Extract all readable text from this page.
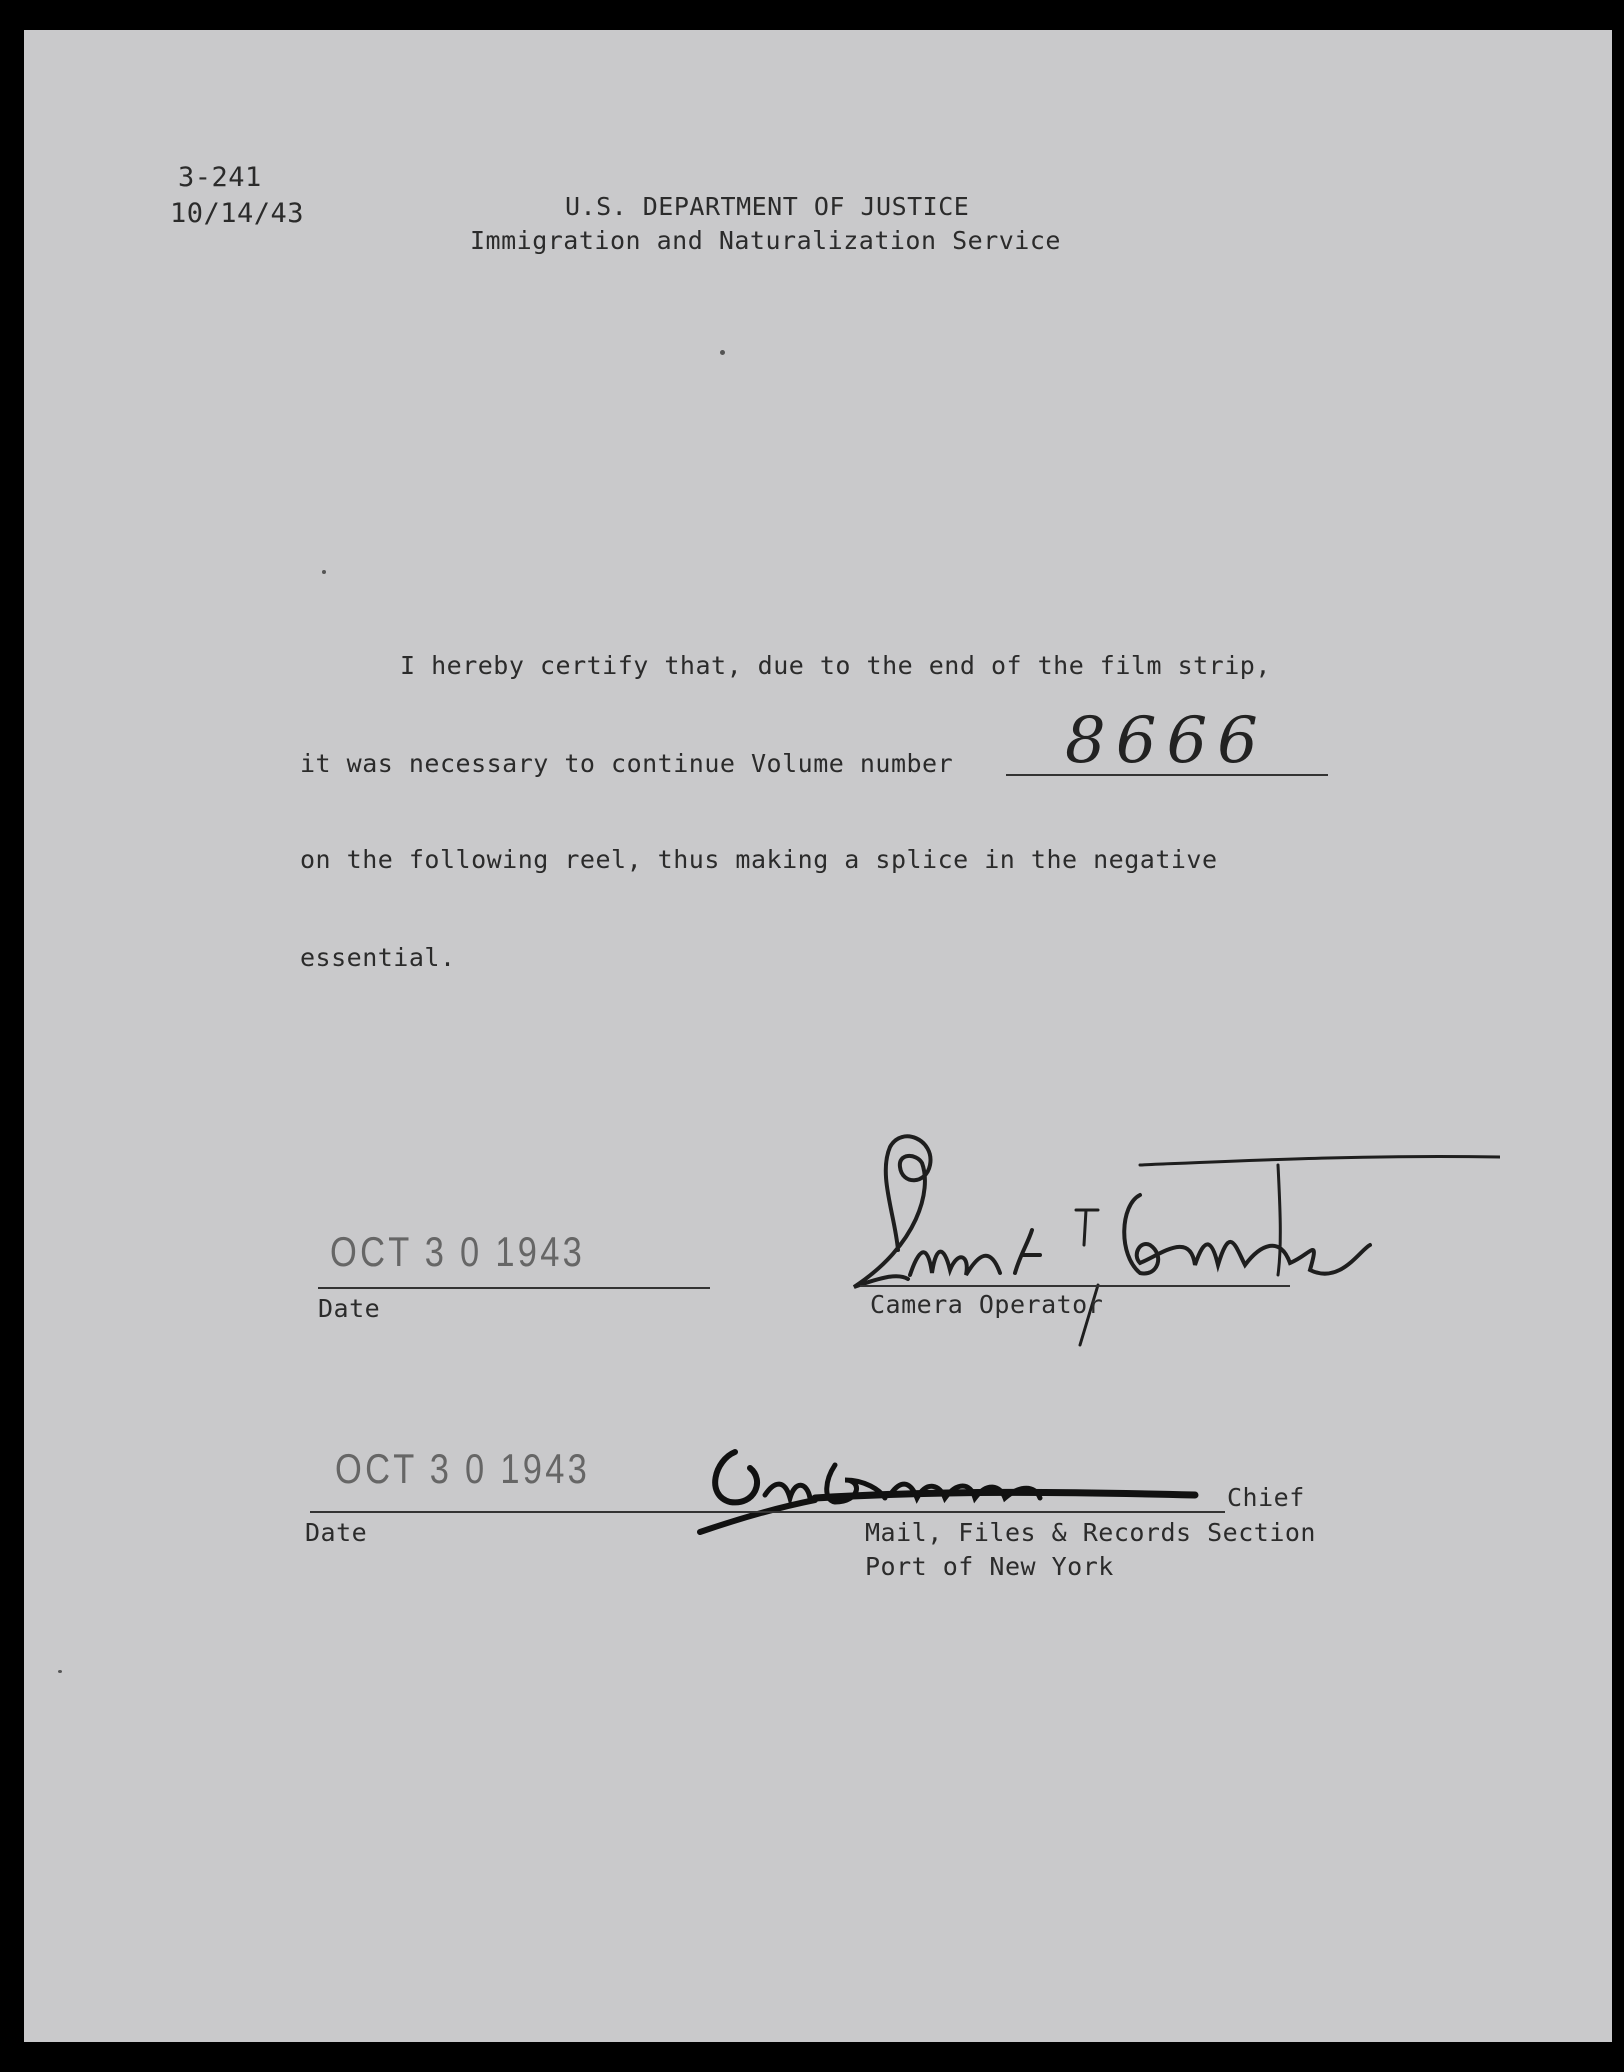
3-241
10/14/43	U.S. DEPARTMENT OF JUSTICE
Immigration and Naturalization Service
I hereby certify that, due to the end of the film strip,
it was necessary to continue Volume number 8666
on the following reel, thus making a splice in the negative
essential.
OCT 3 0 1943
Date	Camera Operator
OCT 3 0 1943
Date
Chief
Mail, Files & Records Section
Port of New York
